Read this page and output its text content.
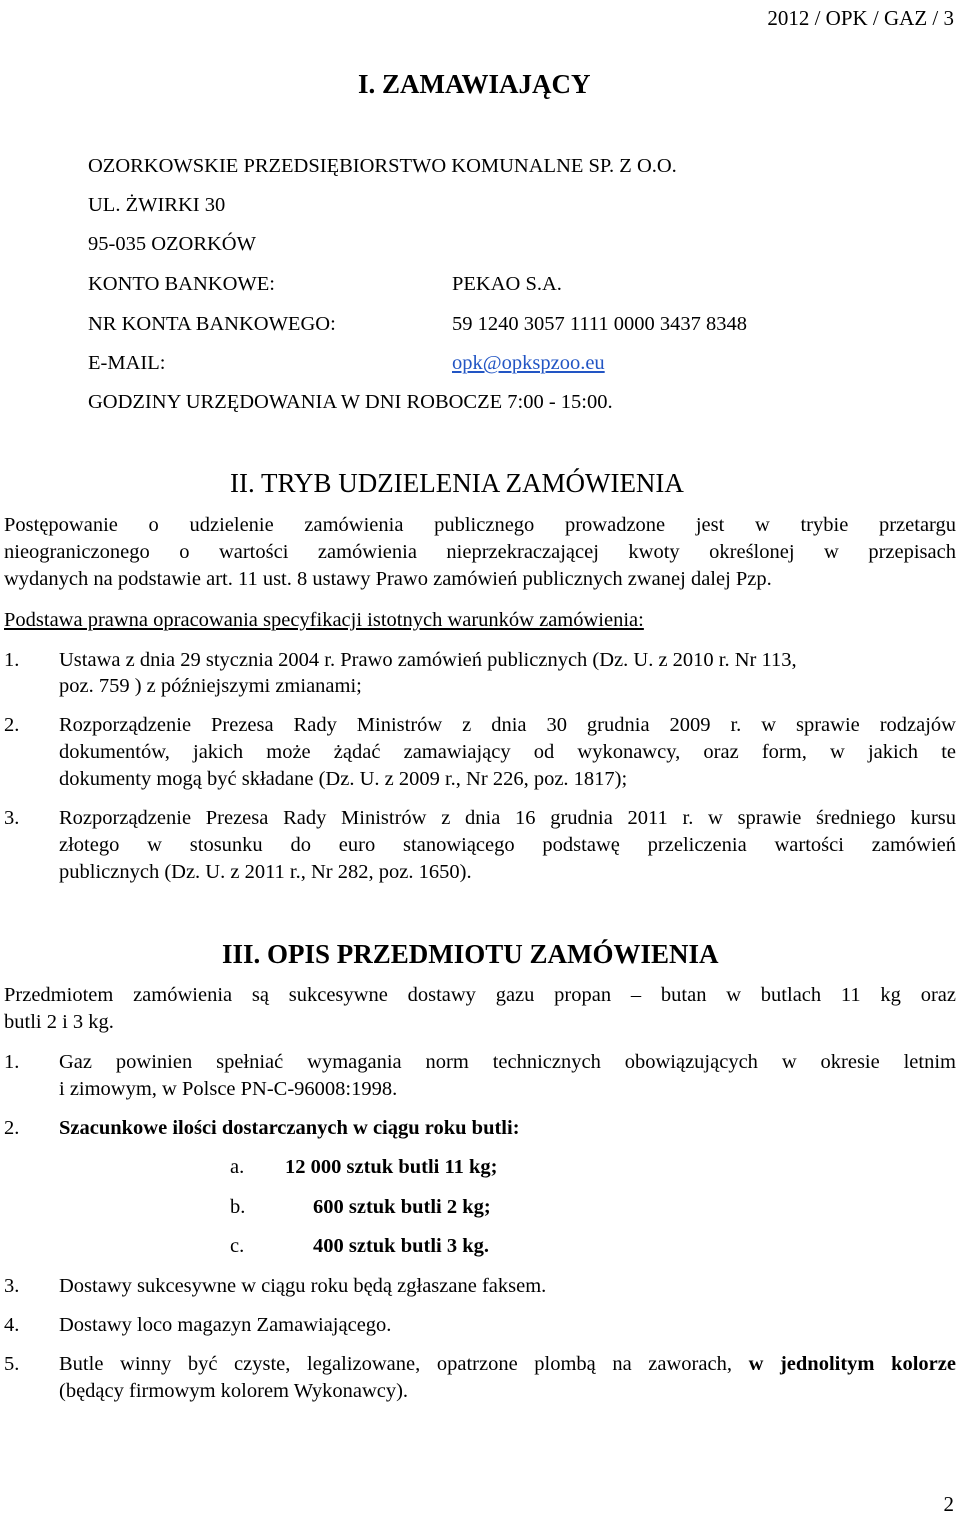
2012 / OPK / GAZ / 3
I. ZAMAWIAJĄCY
OZORKOWSKIE PRZEDSIĘBIORSTWO KOMUNALNE SP. Z O.O.
UL. ŻWIRKI 30
95-035 OZORKÓW
KONTO BANKOWE:	PEKAO S.A.
NR KONTA BANKOWEGO:	59 1240 3057 1111 0000 3437 8348
E-MAIL:	opk@opkspzoo.eu
GODZINY URZĘDOWANIA W DNI ROBOCZE 7:00 - 15:00.
II. TRYB UDZIELENIA ZAMÓWIENIA
Postępowanie o udzielenie zamówienia publicznego prowadzone jest w trybie przetargu
nieograniczonego o wartości zamówienia nieprzekraczającej kwoty określonej w przepisach
wydanych na podstawie art. 11 ust. 8 ustawy Prawo zamówień publicznych zwanej dalej Pzp.
Podstawa prawna opracowania specyfikacji istotnych warunków zamówienia:
1. Ustawa z dnia 29 stycznia 2004 r. Prawo zamówień publicznych (Dz. U. z 2010 r. Nr 113,
poz. 759 ) z późniejszymi zmianami;
2. Rozporządzenie Prezesa Rady Ministrów z dnia 30 grudnia 2009 r. w sprawie rodzajów
dokumentów, jakich może żądać zamawiający od wykonawcy, oraz form, w jakich te
dokumenty mogą być składane (Dz. U. z 2009 r., Nr 226, poz. 1817);
3. Rozporządzenie Prezesa Rady Ministrów z dnia 16 grudnia 2011 r. w sprawie średniego kursu
złotego w stosunku do euro stanowiącego podstawę przeliczenia wartości zamówień
publicznych (Dz. U. z 2011 r., Nr 282, poz. 1650).
III. OPIS PRZEDMIOTU ZAMÓWIENIA
Przedmiotem zamówienia są sukcesywne dostawy gazu propan – butan w butlach 11 kg oraz
butli 2 i 3 kg.
1. Gaz powinien spełniać wymagania norm technicznych obowiązujących w okresie letnim
i zimowym, w Polsce PN-C-96008:1998.
2. Szacunkowe ilości dostarczanych w ciągu roku butli:
a. 12 000 sztuk butli 11 kg;
b.	600 sztuk butli 2 kg;
c.	400 sztuk butli 3 kg.
3. Dostawy sukcesywne w ciągu roku będą zgłaszane faksem.
4. Dostawy loco magazyn Zamawiającego.
5. Butle winny być czyste, legalizowane, opatrzone plombą na zaworach, w jednolitym kolorze
(będący firmowym kolorem Wykonawcy).
2
